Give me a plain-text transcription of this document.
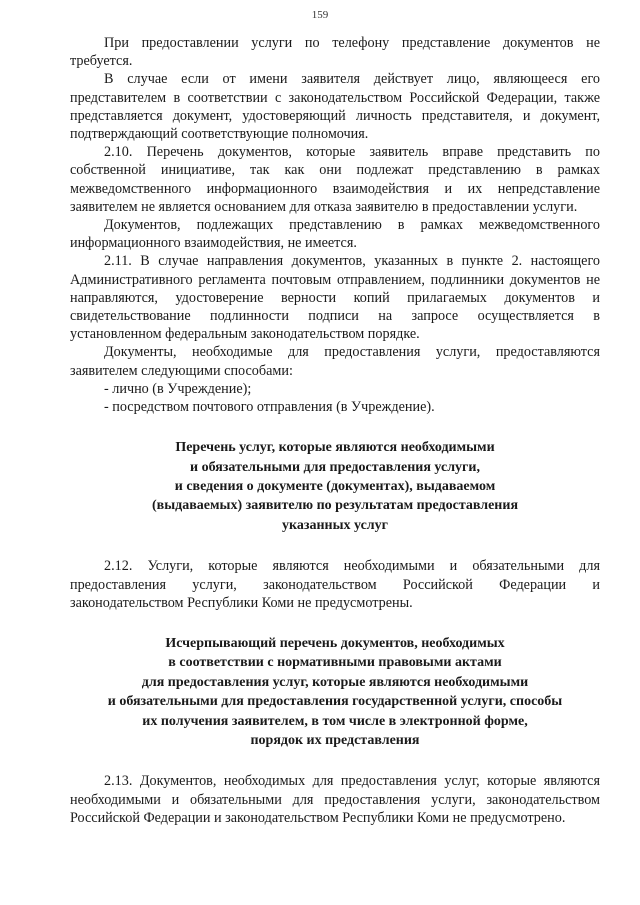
159

При предоставлении услуги по телефону представление документов не требуется.

В случае если от имени заявителя действует лицо, являющееся его представителем в соответствии с законодательством Российской Федерации, также представляется документ, удостоверяющий личность представителя, и документ, подтверждающий соответствующие полномочия.

2.10. Перечень документов, которые заявитель вправе представить по собственной инициативе, так как они подлежат представлению в рамках межведомственного информационного взаимодействия и их непредставление заявителем не является основанием для отказа заявителю в предоставлении услуги.

Документов, подлежащих представлению в рамках межведомственного информационного взаимодействия, не имеется.

2.11. В случае направления документов, указанных в пункте 2. настоящего Административного регламента почтовым отправлением, подлинники документов не направляются, удостоверение верности копий прилагаемых документов и свидетельствование подлинности подписи на запросе осуществляется в установленном федеральным законодательством порядке.

Документы, необходимые для предоставления услуги, предоставляются заявителем следующими способами:

- лично (в Учреждение);

- посредством почтового отправления (в Учреждение).

Перечень услуг, которые являются необходимыми

и обязательными для предоставления услуги,

и сведения о документе (документах), выдаваемом

(выдаваемых) заявителю по результатам предоставления

указанных услуг

2.12. Услуги, которые являются необходимыми и обязательными для предоставления услуги, законодательством Российской Федерации и законодательством Республики Коми не предусмотрены.

Исчерпывающий перечень документов, необходимых

в соответствии с нормативными правовыми актами

для предоставления услуг, которые являются необходимыми

и обязательными для предоставления государственной услуги, способы

их получения заявителем, в том числе в электронной форме,

порядок их представления

2.13. Документов, необходимых для предоставления услуг, которые являются необходимыми и обязательными для предоставления услуги, законодательством Российской Федерации и законодательством Республики Коми не предусмотрено.
